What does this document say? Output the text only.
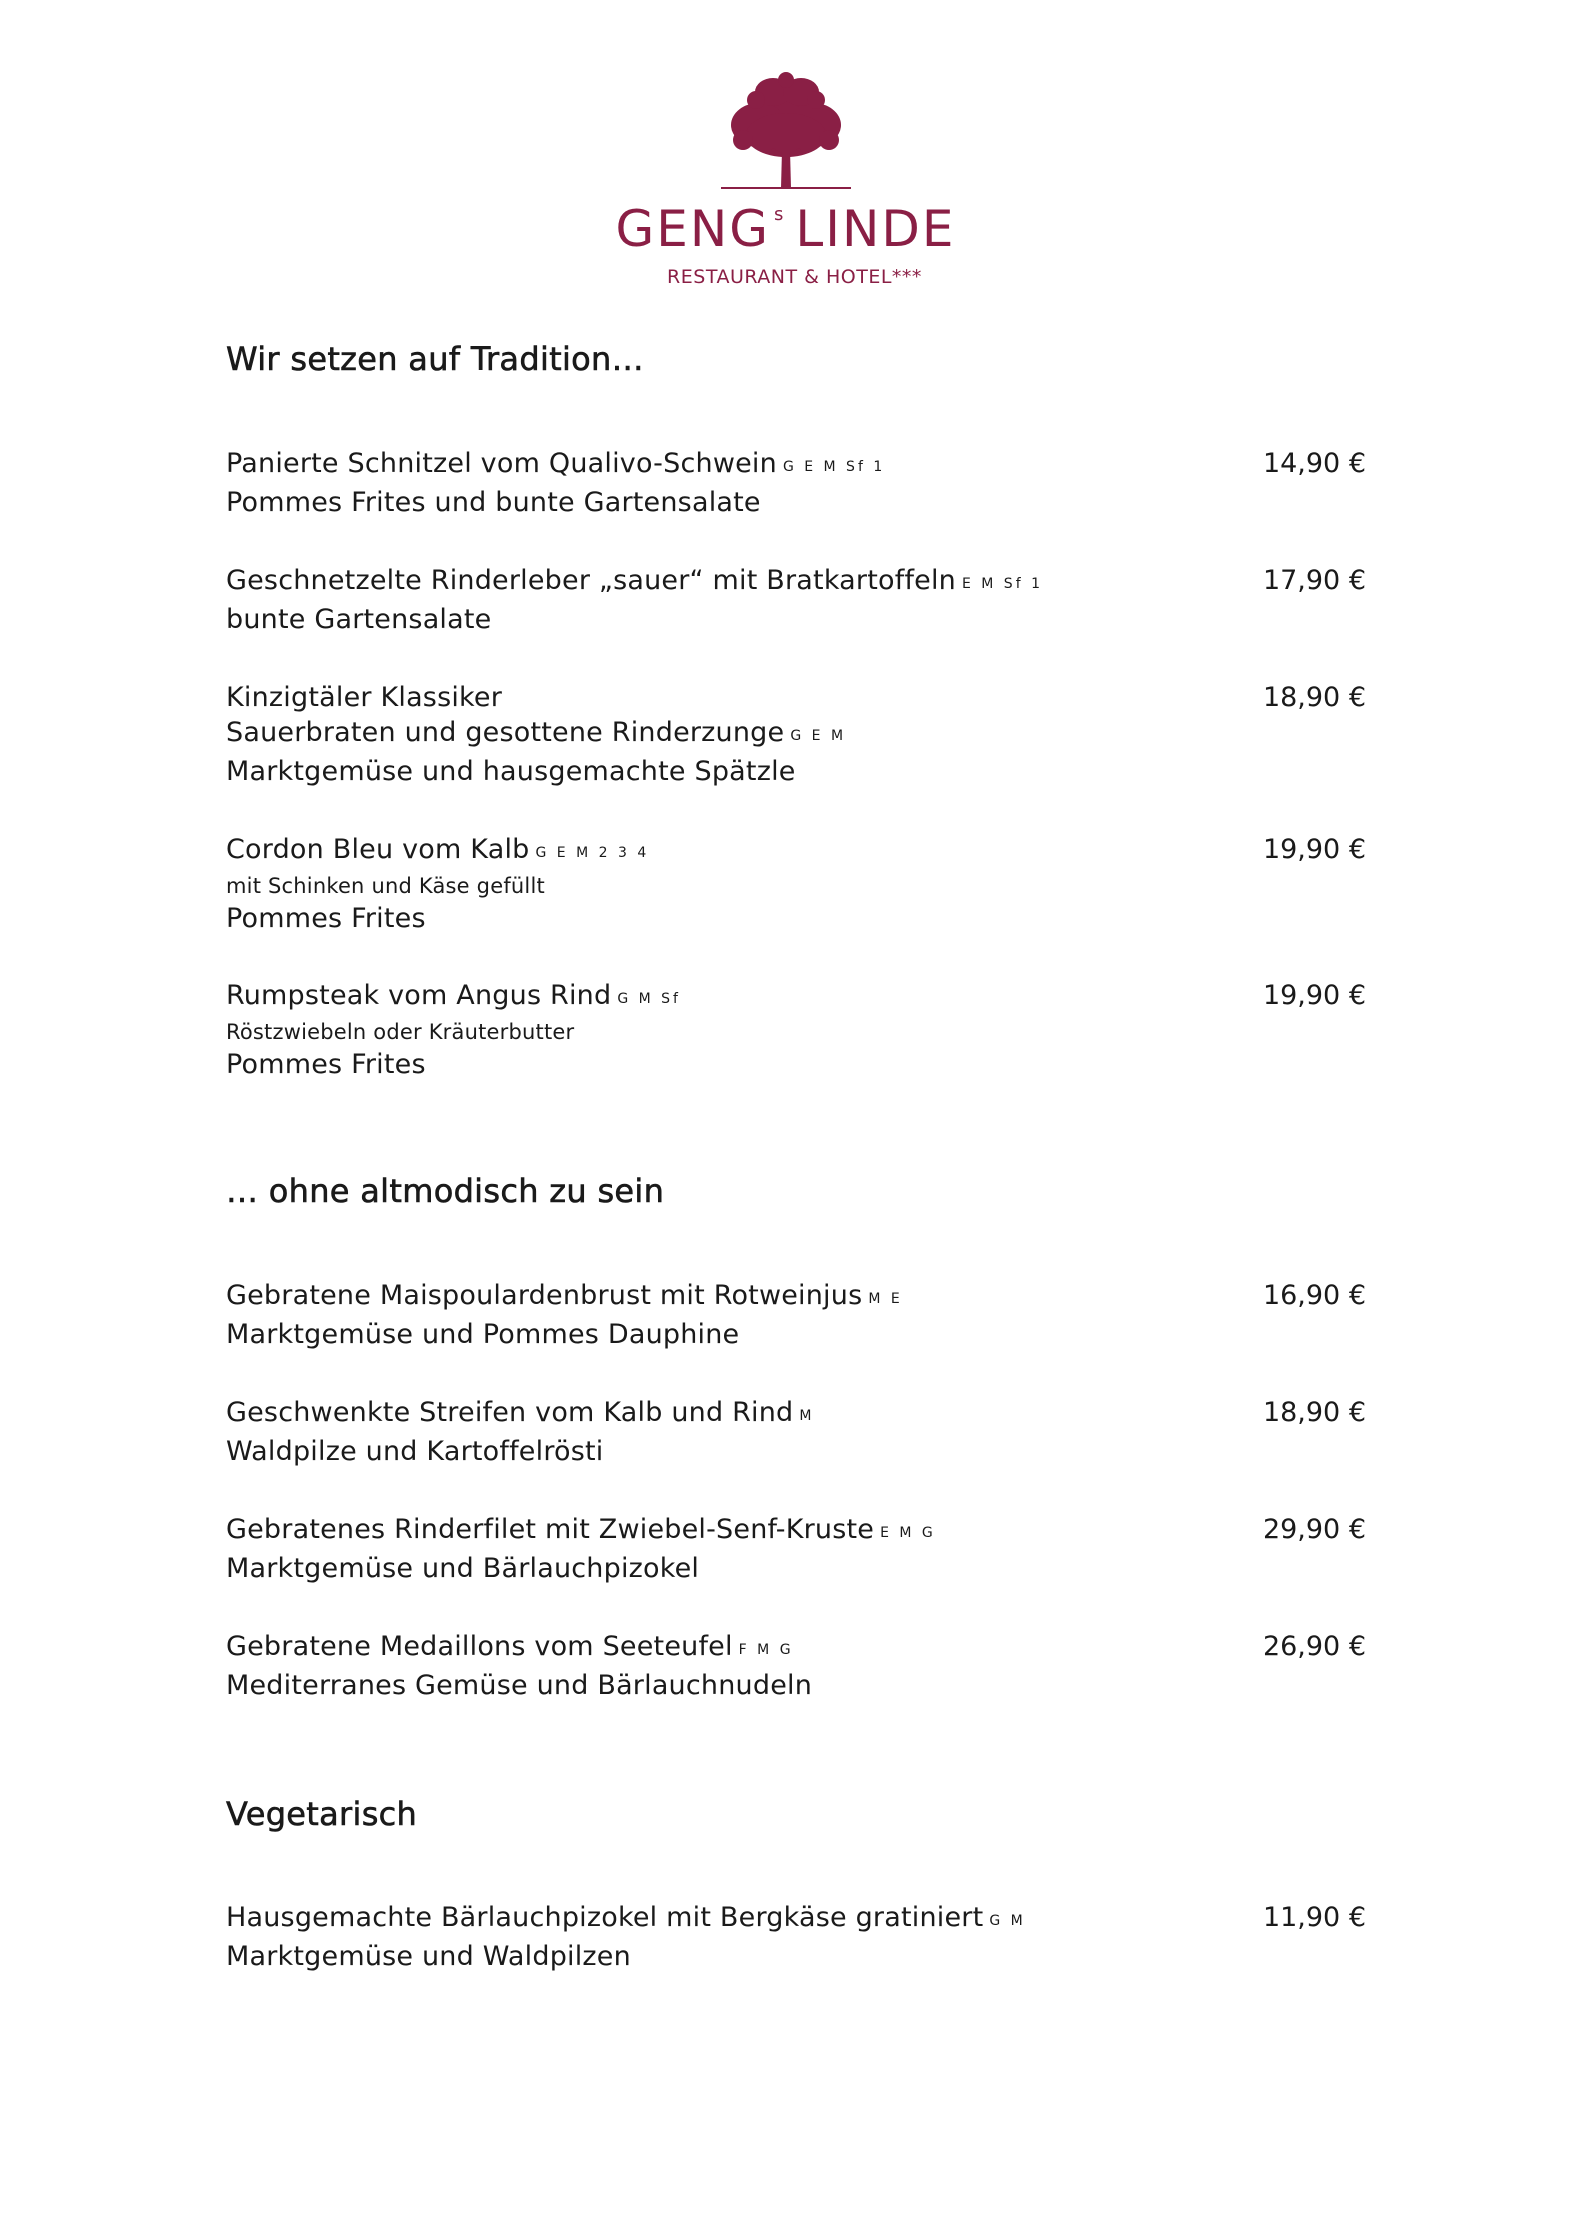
GENG s LINDE
RESTAURANT & HOTEL***
Wir setzen auf Tradition…
Panierte Schnitzel vom Qualivo-Schwein G E M Sf 1
Pommes Frites und bunte Gartensalate
14,90 €
Geschnetzelte Rinderleber „sauer“ mit Bratkartoffeln E M Sf 1
bunte Gartensalate
17,90 €
Kinzigtäler Klassiker
Sauerbraten und gesottene Rinderzunge G E M
Marktgemüse und hausgemachte Spätzle
18,90 €
Cordon Bleu vom Kalb G E M 2 3 4
mit Schinken und Käse gefüllt
Pommes Frites
19,90 €
Rumpsteak vom Angus Rind G M Sf
Röstzwiebeln oder Kräuterbutter
Pommes Frites
19,90 €
… ohne altmodisch zu sein
Gebratene Maispoulardenbrust mit Rotweinjus M E
Marktgemüse und Pommes Dauphine
16,90 €
Geschwenkte Streifen vom Kalb und Rind M
Waldpilze und Kartoffelrösti
18,90 €
Gebratenes Rinderfilet mit Zwiebel-Senf-Kruste E M G
Marktgemüse und Bärlauchpizokel
29,90 €
Gebratene Medaillons vom Seeteufel F M G
Mediterranes Gemüse und Bärlauchnudeln
26,90 €
Vegetarisch
Hausgemachte Bärlauchpizokel mit Bergkäse gratiniert G M
Marktgemüse und Waldpilzen
11,90 €
